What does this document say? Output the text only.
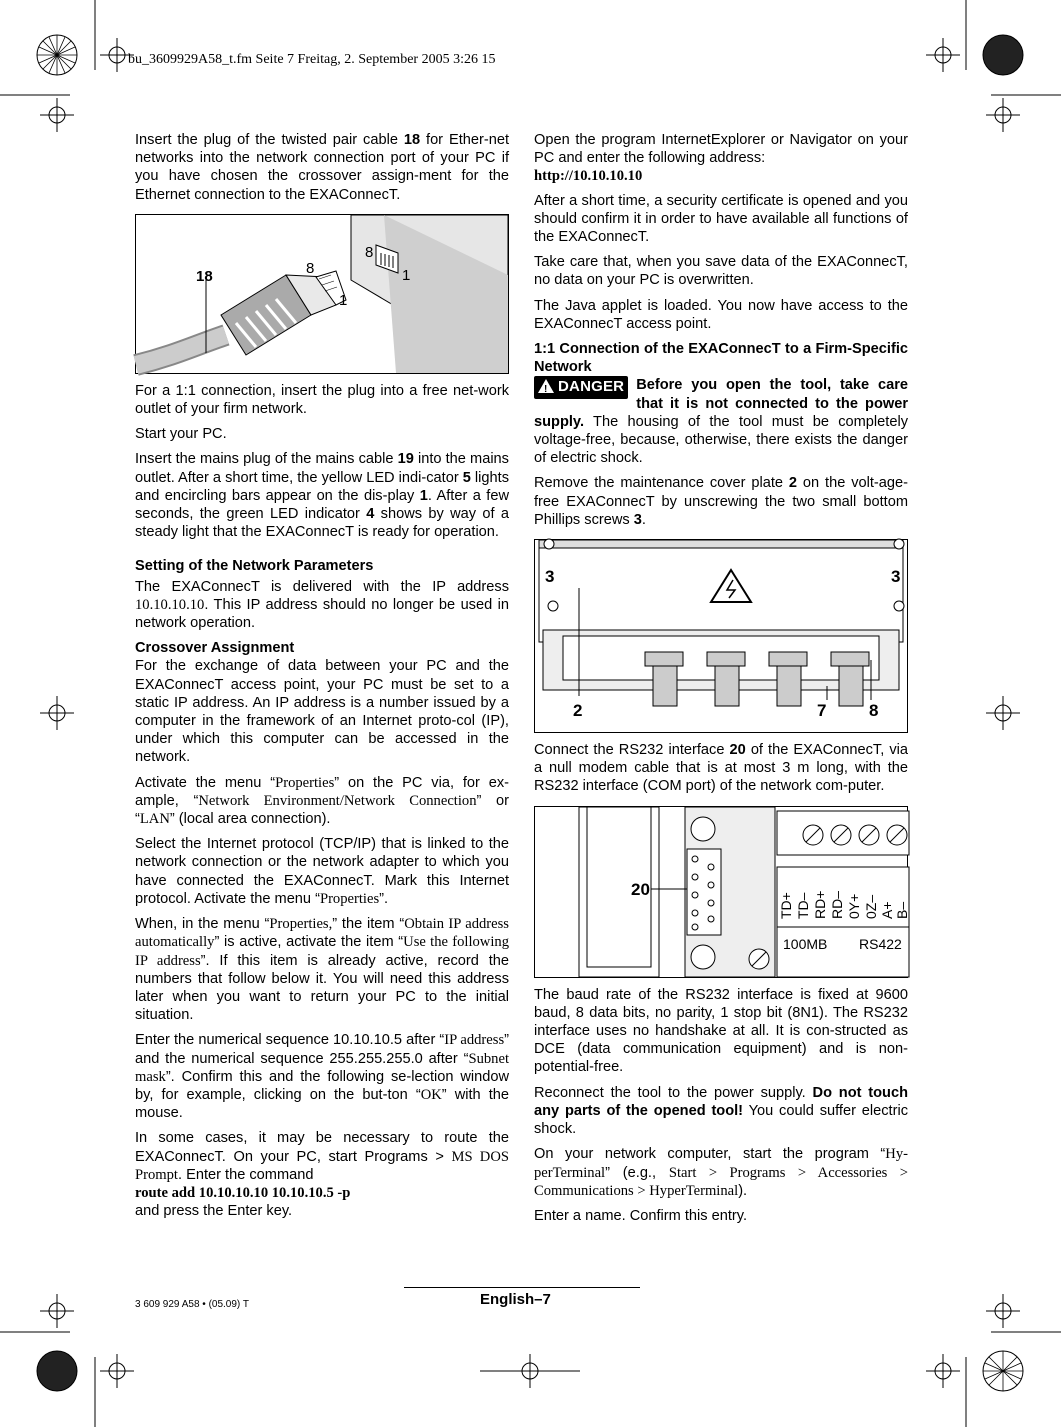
bu_3609929A58_t.fm Seite 7 Freitag, 2. September 2005 3:26 15

Insert the plug of the twisted pair cable 18 for Ether-net networks into the network connection port of your PC if you have chosen the crossover assign-ment for the Ethernet connection to the EXAConnecT.

18	8
1
8
1

For a 1:1 connection, insert the plug into a free net-work outlet of your firm network.

Start your PC.

Insert the mains plug of the mains cable 19 into the mains outlet. After a short time, the yellow LED indi-cator 5 lights and encircling bars appear on the dis-play 1. After a few seconds, the green LED indicator 4 shows by way of a steady light that the EXAConnecT is ready for operation.

Setting of the Network Parameters

The EXAConnecT is delivered with the IP address 10.10.10.10. This IP address should no longer be used in network operation.

Crossover Assignment

For the exchange of data between your PC and the EXAConnecT access point, your PC must be set to a static IP address. An IP address is a number issued by a computer in the framework of an Internet proto-col (IP), under which this computer can be accessed in the network.

Activate the menu “Properties” on the PC via, for ex-ample, “Network Environment/Network Connection” or “LAN” (local area connection).

Select the Internet protocol (TCP/IP) that is linked to the network connection or the network adapter to which you have connected the EXAConnecT. Mark this Internet protocol. Activate the menu “Properties”.

When, in the menu “Properties,” the item “Obtain IP address automatically” is active, activate the item “Use the following IP address”. If this item is already active, record the numbers that follow below it. You will need this address later when you want to return your PC to the initial situation.

Enter the numerical sequence 10.10.10.5 after “IP address” and the numerical sequence 255.255.255.0 after “Subnet mask”. Confirm this and the following se-lection window by, for example, clicking on the but-ton “OK” with the mouse.

In some cases, it may be necessary to route the EXAConnecT. On your PC, start Programs > MS DOS Prompt. Enter the command
route add 10.10.10.10 10.10.10.5 -p
and press the Enter key.

Open the program InternetExplorer or Navigator on your PC and enter the following address:
http://10.10.10.10

After a short time, a security certificate is opened and you should confirm it in order to have available all functions of the EXAConnecT.

Take care that, when you save data of the EXAConnecT, no data on your PC is overwritten.

The Java applet is loaded. You now have access to the EXAConnecT access point.

1:1 Connection of the EXAConnecT to a Firm-Specific Network

! DANGER Before you open the tool, take care that it is not connected to the power supply. The housing of the tool must be completely voltage-free, because, otherwise, there exists the danger of electric shock.

Remove the maintenance cover plate 2 on the volt-age-free EXAConnecT by unscrewing the two small bottom Phillips screws 3.

3	3
2	7	8

Connect the RS232 interface 20 of the EXAConnecT, via a null modem cable that is at most 3 m long, with the RS232 interface (COM port) of the network com-puter.

TD+ TD– RD+ RD– 0Y+ 0Z– A+ B–
100MB RS422
20

The baud rate of the RS232 interface is fixed at 9600 baud, 8 data bits, no parity, 1 stop bit (8N1). The RS232 interface uses no handshake at all. It is con-structed as DCE (data communication equipment) and is non-potential-free.

Reconnect the tool to the power supply. Do not touch any parts of the opened tool! You could suffer electric shock.

On your network computer, start the program “Hy-perTerminal” (e.g., Start > Programs > Accessories > Communications > HyperTerminal).

Enter a name. Confirm this entry.

3 609 929 A58 • (05.09) T	English–7
